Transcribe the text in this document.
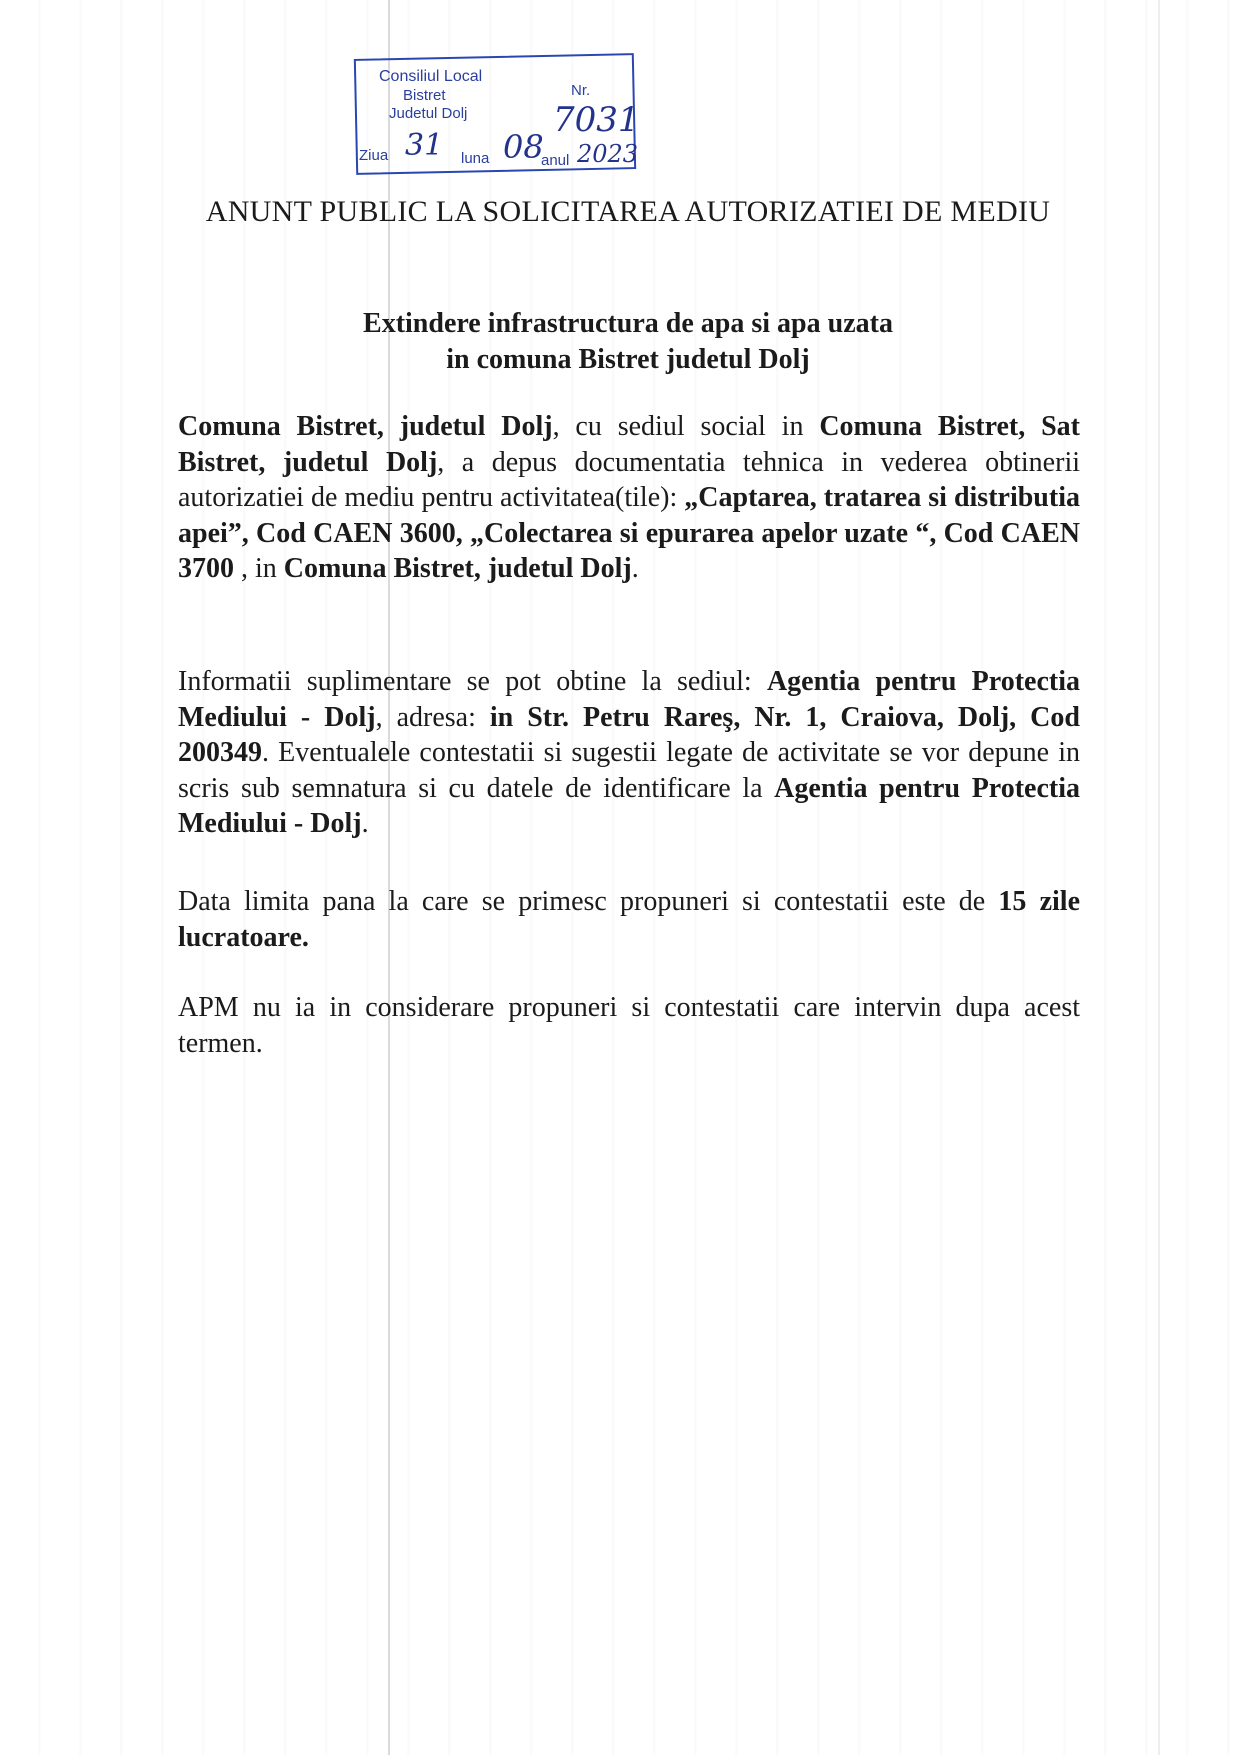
Consiliul Local
Bistret
Judetul Dolj
Nr.
7031
Ziua 31 luna 08
anul 2023
ANUNT PUBLIC LA SOLICITAREA AUTORIZATIEI DE MEDIU
Extindere infrastructura de apa si apa uzata
in comuna Bistret judetul Dolj

Comuna Bistret, judetul Dolj, cu sediul social in Comuna Bistret, Sat Bistret, judetul Dolj, a depus documentatia tehnica in vederea obtinerii autorizatiei de mediu pentru activitatea(tile): „Captarea, tratarea si distributia apei”, Cod CAEN 3600, „Colectarea si epurarea apelor uzate “, Cod CAEN 3700 , in Comuna Bistret, judetul Dolj.

Informatii suplimentare se pot obtine la sediul: Agentia pentru Protectia Mediului - Dolj, adresa: in Str. Petru Rareş, Nr. 1, Craiova, Dolj, Cod 200349. Eventualele contestatii si sugestii legate de activitate se vor depune in scris sub semnatura si cu datele de identificare la Agentia pentru Protectia Mediului - Dolj.

Data limita pana la care se primesc propuneri si contestatii este de 15 zile lucratoare.

APM nu ia in considerare propuneri si contestatii care intervin dupa acest termen.
